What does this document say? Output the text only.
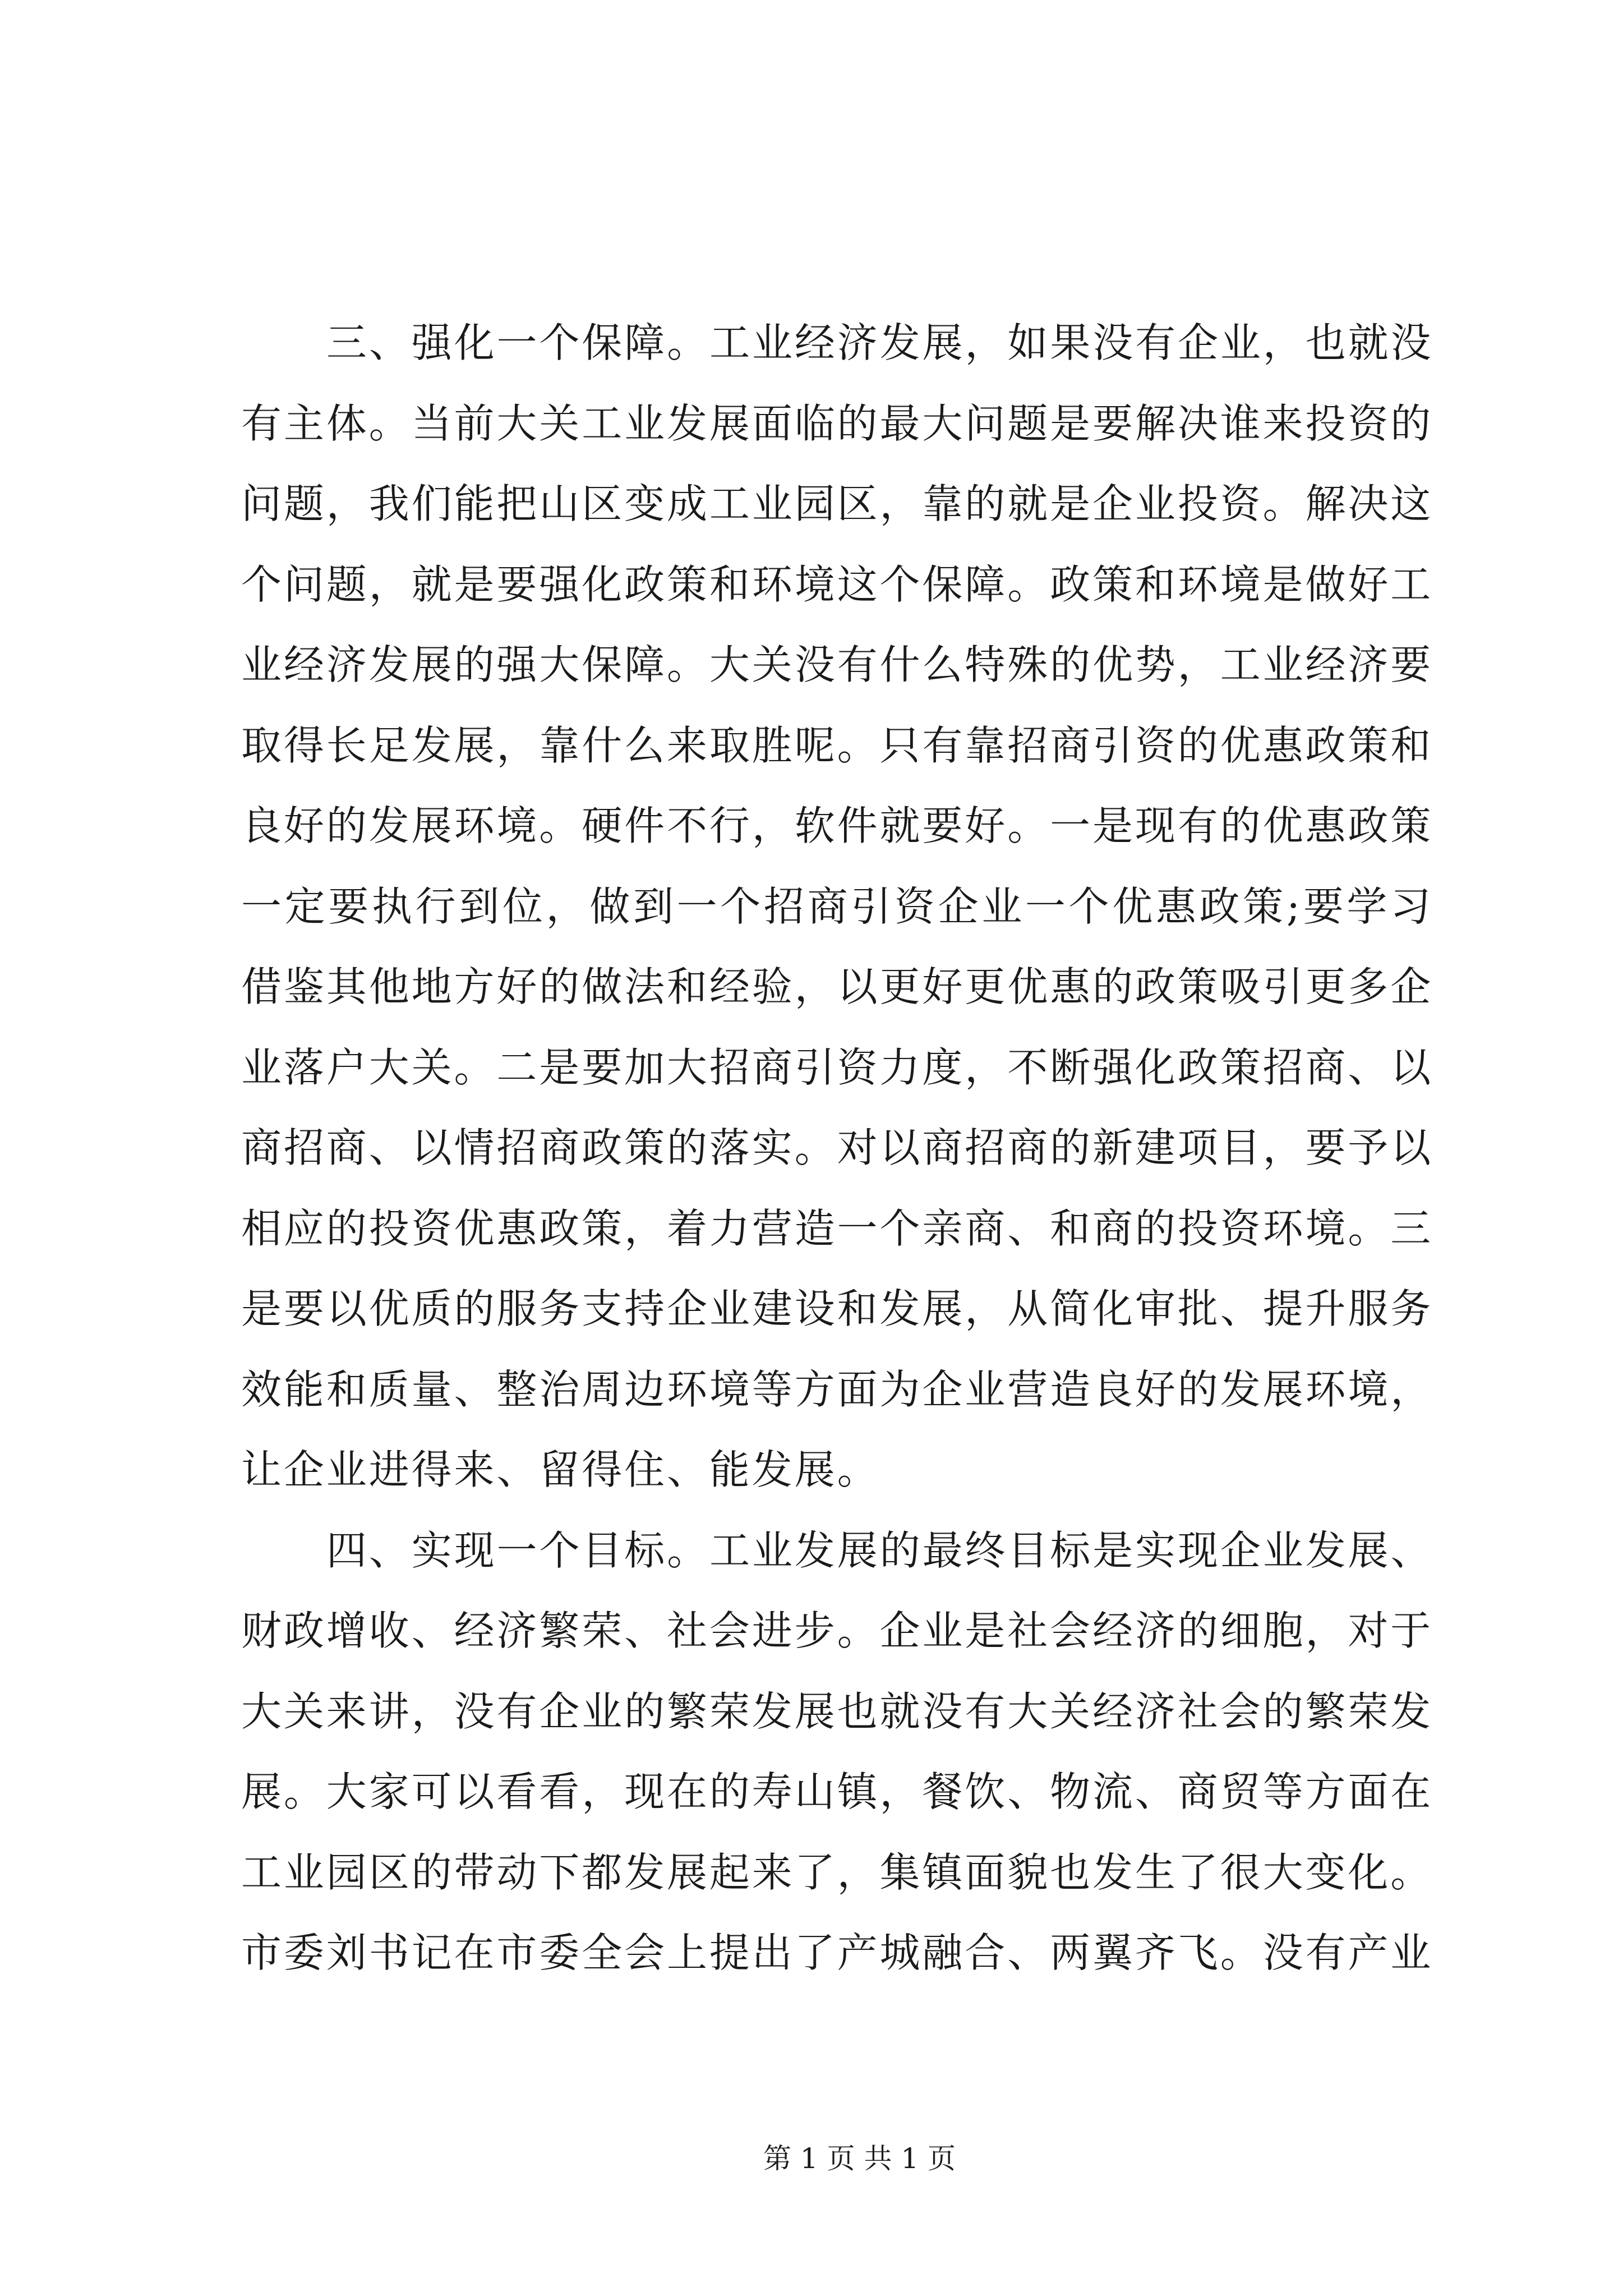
三、强化一个保障。工业经济发展，如果没有企业，也就没
有主体。当前大关工业发展面临的最大问题是要解决谁来投资的
问题，我们能把山区变成工业园区，靠的就是企业投资。解决这
个问题，就是要强化政策和环境这个保障。政策和环境是做好工
业经济发展的强大保障。大关没有什么特殊的优势，工业经济要
取得长足发展，靠什么来取胜呢。只有靠招商引资的优惠政策和
良好的发展环境。硬件不行，软件就要好。一是现有的优惠政策
一定要执行到位，做到一个招商引资企业一个优惠政策;要学习
借鉴其他地方好的做法和经验，以更好更优惠的政策吸引更多企
业落户大关。二是要加大招商引资力度，不断强化政策招商、以
商招商、以情招商政策的落实。对以商招商的新建项目，要予以
相应的投资优惠政策，着力营造一个亲商、和商的投资环境。三
是要以优质的服务支持企业建设和发展，从简化审批、提升服务
效能和质量、整治周边环境等方面为企业营造良好的发展环境，
让企业进得来、留得住、能发展。
四、实现一个目标。工业发展的最终目标是实现企业发展、
财政增收、经济繁荣、社会进步。企业是社会经济的细胞，对于
大关来讲，没有企业的繁荣发展也就没有大关经济社会的繁荣发
展。大家可以看看，现在的寿山镇，餐饮、物流、商贸等方面在
工业园区的带动下都发展起来了，集镇面貌也发生了很大变化。
市委刘书记在市委全会上提出了产城融合、两翼齐飞。没有产业
第 1 页 共 1 页
